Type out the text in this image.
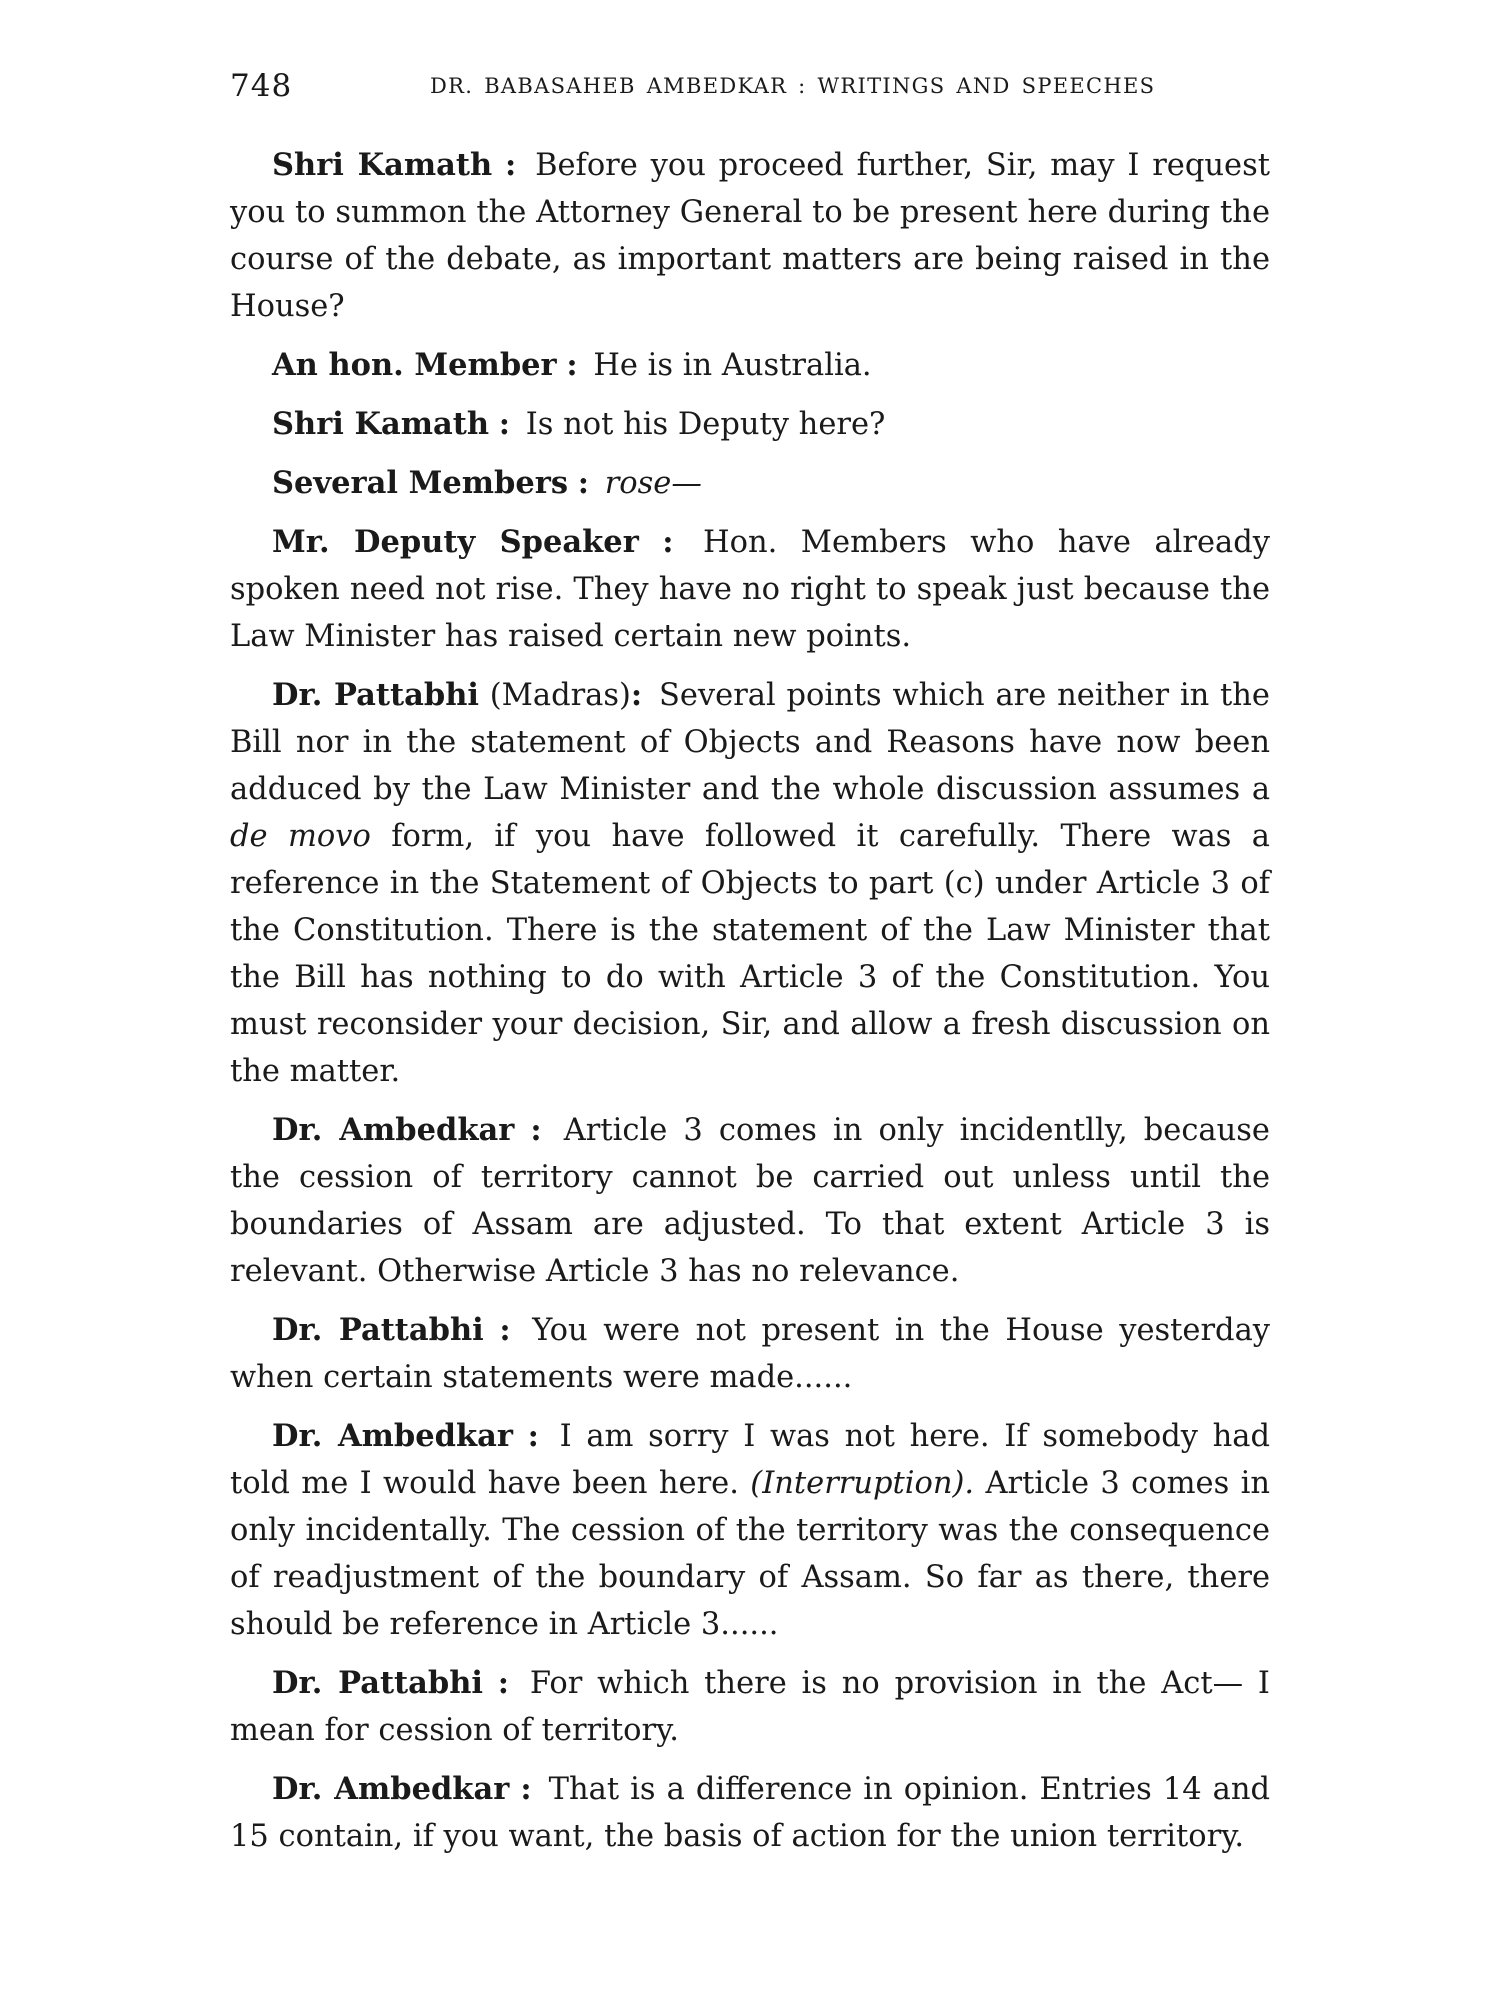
748	DR. BABASAHEB AMBEDKAR : WRITINGS AND SPEECHES

Shri Kamath : Before you proceed further, Sir, may I request you to summon the Attorney General to be present here during the course of the debate, as important matters are being raised in the House?

An hon. Member : He is in Australia.

Shri Kamath : Is not his Deputy here?

Several Members : rose—

Mr. Deputy Speaker : Hon. Members who have already spoken need not rise. They have no right to speak just because the Law Minister has raised certain new points.

Dr. Pattabhi (Madras): Several points which are neither in the Bill nor in the statement of Objects and Reasons have now been adduced by the Law Minister and the whole discussion assumes a de movo form, if you have followed it carefully. There was a reference in the Statement of Objects to part (c) under Article 3 of the Constitution. There is the statement of the Law Minister that the Bill has nothing to do with Article 3 of the Constitution. You must reconsider your decision, Sir, and allow a fresh discussion on the matter.

Dr. Ambedkar : Article 3 comes in only incidentlly, because the cession of territory cannot be carried out unless until the boundaries of Assam are adjusted. To that extent Article 3 is relevant. Otherwise Article 3 has no relevance.

Dr. Pattabhi : You were not present in the House yesterday when certain statements were made......

Dr. Ambedkar : I am sorry I was not here. If somebody had told me I would have been here. (Interruption). Article 3 comes in only incidentally. The cession of the territory was the consequence of readjustment of the boundary of Assam. So far as there, there should be reference in Article 3......

Dr. Pattabhi : For which there is no provision in the Act— I mean for cession of territory.

Dr. Ambedkar : That is a difference in opinion. Entries 14 and 15 contain, if you want, the basis of action for the union territory.
